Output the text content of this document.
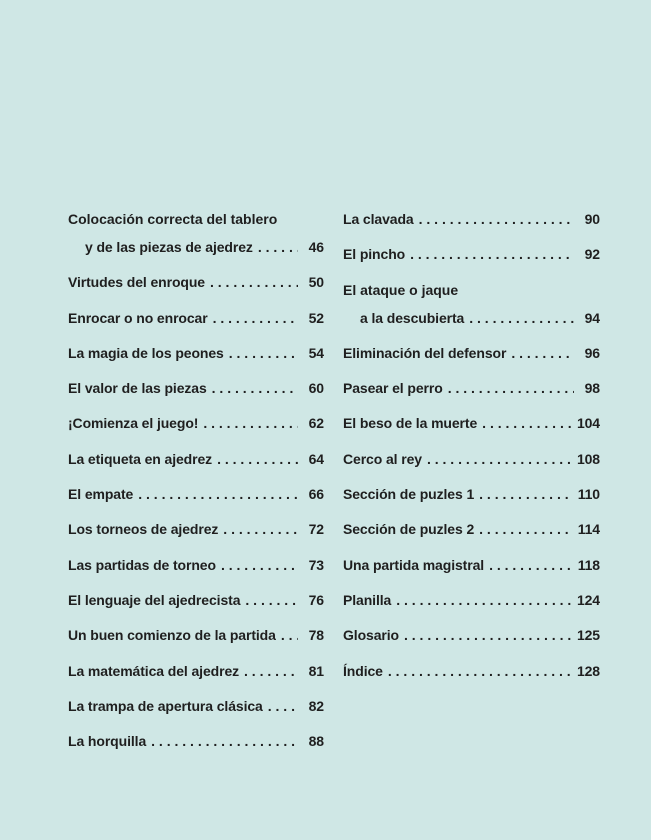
Colocación correcta del tablero
y de las piezas de ajedrez . . .	46
Virtudes del enroque . . .	50
Enrocar o no enrocar . . .	52
La magia de los peones . . .	54
El valor de las piezas . . .	60
¡Comienza el juego! . . .	62
La etiqueta en ajedrez . . .	64
El empate . . .	66
Los torneos de ajedrez . . .	72
Las partidas de torneo . . .	73
El lenguaje del ajedrecista . . .	76
Un buen comienzo de la partida . . .	78
La matemática del ajedrez . . .	81
La trampa de apertura clásica . . .	82
La horquilla . . .	88
La clavada . . .	90
El pincho . . .	92
El ataque o jaque
a la descubierta . . .	94
Eliminación del defensor . . .	96
Pasear el perro . . .	98
El beso de la muerte . . .	104
Cerco al rey . . .	108
Sección de puzles 1 . . .	110
Sección de puzles 2 . . .	114
Una partida magistral . . .	118
Planilla . . .	124
Glosario . . .	125
Índice . . .	128
